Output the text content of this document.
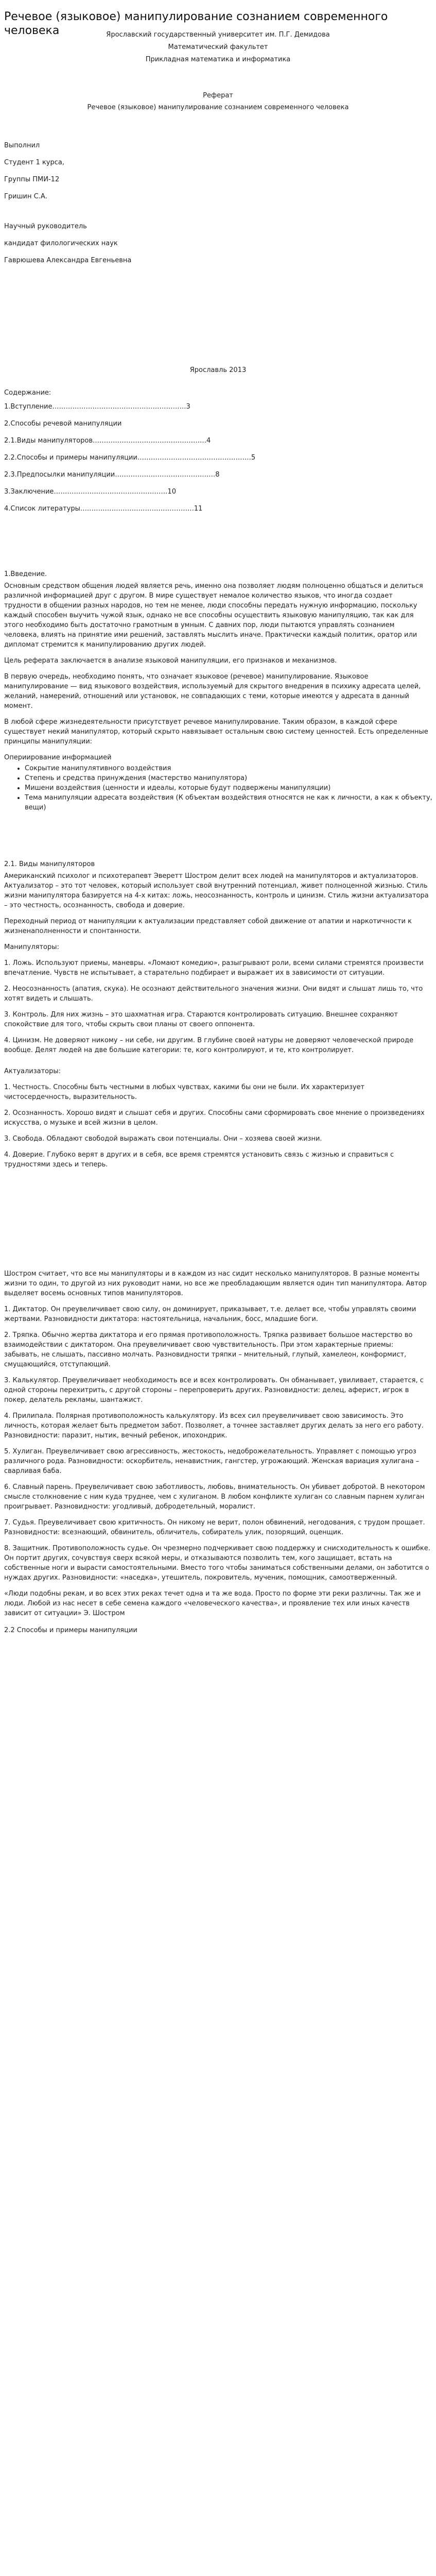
Речевое (языковое) манипулирование сознанием современного человека	Ярославский государственный университет им. П.Г. Демидова
Математический факультет
Прикладная математика и информатика
Реферат
Речевое (языковое) манипулирование сознанием современного человека
Выполнил
Студент 1 курса,
Группы ПМИ-12
Гришин С.А.
Научный руководитель
кандидат филологических наук
Гаврюшева Александра Евгеньевна
Ярославль 2013
Содержание:
1.Вступление……………………………………………………3
2.Способы речевой манипуляции
2.1.Виды манипуляторов……………………………………………4
2.2.Способы и примеры манипуляции……………………………………………5
2.3.Предпосылки манипуляции………………………………………8
3.Заключение……………………………………………10
4.Список литературы……………………………………………11
1.Введение.

Основным средством общения людей является речь, именно она позволяет людям полноценно общаться и делиться различной информацией друг с другом. В мире существует немалое количество языков, что иногда создает трудности в общении разных народов, но тем не менее, люди способны передать нужную информацию, поскольку каждый способен выучить чужой язык, однако не все способны осуществить языковую манипуляцию, так как для этого необходимо быть достаточно грамотным в умным. С давних пор, люди пытаются управлять сознанием человека, влиять на принятие ими решений, заставлять мыслить иначе. Практически каждый политик, оратор или дипломат стремится к манипулированию других людей.

Цель реферата заключается в анализе языковой манипуляции, его признаков и механизмов.

В первую очередь, необходимо понять, что означает языковое (речевое) манипулирование. Языковое манипулирование — вид языкового воздействия, используемый для скрытого внедрения в психику адресата целей, желаний, намерений, отношений или установок, не совпадающих с теми, которые имеются у адресата в данный момент.

В любой сфере жизнедеятельности присутствует речевое манипулирование. Таким образом, в каждой сфере существует некий манипулятор, который скрыто навязывает остальным свою систему ценностей. Есть определенные принципы манипуляции:

Опериирование информацией

• Сокрытие манипулятивного воздействия
• Степень и средства принуждения (мастерство манипулятора)
• Мишени воздействия (ценности и идеалы, которые будут подвержены манипуляции)
• Тема манипуляции адресата воздействия (К объектам воздействия относятся не как к личности, а как к объекту, вещи)
2.1. Виды манипуляторов

Американский психолог и психотерапевт Эверетт Шостром делит всех людей на манипуляторов и актуализаторов. Актуализатор – это тот человек, который использует свой внутренний потенциал, живет полноценной жизнью. Стиль жизни манипулятора базируется на 4-х китах: ложь, неосознанность, контроль и цинизм. Стиль жизни актуализатора – это честность, осознанность, свобода и доверие.

Переходный период от манипуляции к актуализации представляет собой движение от апатии и наркотичности к жизненаполненности и спонтанности.

Манипуляторы:

1. Ложь. Используют приемы, маневры. «Ломают комедию», разыгрывают роли, всеми силами стремятся произвести впечатление. Чувств не испытывает, а старательно подбирает и выражает их в зависимости от ситуации.

2. Неосознанность (апатия, скука). Не осознают действительного значения жизни. Они видят и слышат лишь то, что хотят видеть и слышать.

3. Контроль. Для них жизнь – это шахматная игра. Стараются контролировать ситуацию. Внешнее сохраняют спокойствие для того, чтобы скрыть свои планы от своего оппонента.

4. Цинизм. Не доверяют никому – ни себе, ни другим. В глубине своей натуры не доверяют человеческой природе вообще. Делят людей на две большие категории: те, кого контролируют, и те, кто контролирует.

Актуализаторы:

1. Честность. Способны быть честными в любых чувствах, какими бы они не были. Их характеризует чистосердечность, выразительность.

2. Осознанность. Хорошо видят и слышат себя и других. Способны сами сформировать свое мнение о произведениях искусства, о музыке и всей жизни в целом.

3. Свобода. Обладают свободой выражать свои потенциалы. Они – хозяева своей жизни.

4. Доверие. Глубоко верят в других и в себя, все время стремятся установить связь с жизнью и справиться с трудностями здесь и теперь.

Шостром считает, что все мы манипуляторы и в каждом из нас сидит несколько манипуляторов. В разные моменты жизни то один, то другой из них руководит нами, но все же преобладающим является один тип манипулятора. Автор выделяет восемь основных типов манипуляторов.

1. Диктатор. Он преувеличивает свою силу, он доминирует, приказывает, т.е. делает все, чтобы управлять своими жертвами. Разновидности диктатора: настоятельница, начальник, босс, младшие боги.

2. Тряпка. Обычно жертва диктатора и его прямая противоположность. Тряпка развивает большое мастерство во взаимодействии с диктатором. Она преувеличивает свою чувствительность. При этом характерные приемы: забывать, не слышать, пассивно молчать. Разновидности тряпки – мнительный, глупый, хамелеон, конформист, смущающийся, отступающий.

3. Калькулятор. Преувеличивает необходимость все и всех контролировать. Он обманывает, увиливает, старается, с одной стороны перехитрить, с другой стороны – перепроверить других. Разновидности: делец, аферист, игрок в покер, делатель рекламы, шантажист.

4. Прилипала. Полярная противоположность калькулятору. Из всех сил преувеличивает свою зависимость. Это личность, которая желает быть предметом забот. Позволяет, а точнее заставляет других делать за него его работу. Разновидности: паразит, нытик, вечный ребенок, ипохондрик.

5. Хулиган. Преувеличивает свою агрессивность, жестокость, недоброжелательность. Управляет с помощью угроз различного рода. Разновидности: оскорбитель, ненавистник, гангстер, угрожающий. Женская вариация хулигана – сварливая баба.

6. Славный парень. Преувеличивает свою заботливость, любовь, внимательность. Он убивает добротой. В некотором смысле столкновение с ним куда труднее, чем с хулиганом. В любом конфликте хулиган со славным парнем хулиган проигрывает. Разновидности: угодливый, добродетельный, моралист.

7. Судья. Преувеличивает свою критичность. Он никому не верит, полон обвинений, негодования, с трудом прощает. Разновидности: всезнающий, обвинитель, обличитель, собиратель улик, позорящий, оценщик.

8. Защитник. Противоположность судье. Он чрезмерно подчеркивает свою поддержку и снисходительность к ошибке. Он портит других, сочувствуя сверх всякой меры, и отказываются позволить тем, кого защищает, встать на собственные ноги и вырасти самостоятельными. Вместо того чтобы заниматься собственными делами, он заботится о нуждах других. Разновидности: «наседка», утешитель, покровитель, мученик, помощник, самоотверженный.

«Люди подобны рекам, и во всех этих реках течет одна и та же вода. Просто по форме эти реки различны. Так же и люди. Любой из нас несет в себе семена каждого «человеческого качества», и проявление тех или иных качеств зависит от ситуации» Э. Шостром

2.2 Способы и примеры манипуляции
